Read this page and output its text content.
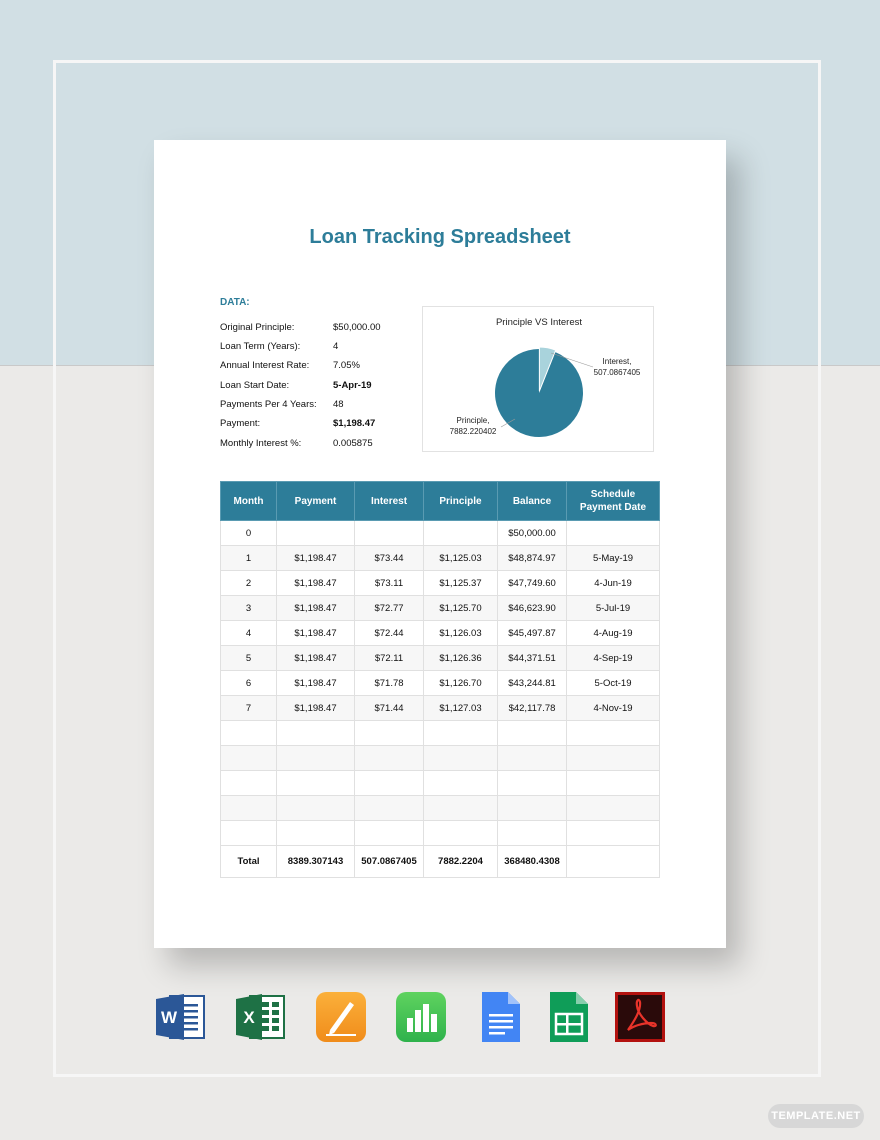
Loan Tracking Spreadsheet
DATA:
Original Principle:	$50,000.00
Loan Term (Years):	4
Annual Interest Rate:	7.05%
Loan Start Date:	5-Apr-19
Payments Per 4 Years: 48
Payment:	$1,198.47
Monthly Interest %:	0.005875
Principle VS Interest
Interest,
507.0867405
Principle,
7882.220402
Month	Payment	Interest	Principle	Balance	Schedule Payment Date
0				$50,000.00	
1	$1,198.47	$73.44	$1,125.03	$48,874.97	5-May-19
2	$1,198.47	$73.11	$1,125.37	$47,749.60	4-Jun-19
3	$1,198.47	$72.77	$1,125.70	$46,623.90	5-Jul-19
4	$1,198.47	$72.44	$1,126.03	$45,497.87	4-Aug-19
5	$1,198.47	$72.11	$1,126.36	$44,371.51	4-Sep-19
6	$1,198.47	$71.78	$1,126.70	$43,244.81	5-Oct-19
7	$1,198.47	$71.44	$1,127.03	$42,117.78	4-Nov-19

Total	8389.307143	507.0867405	7882.2204	368480.4308	
W	X
TEMPLATE.NET
